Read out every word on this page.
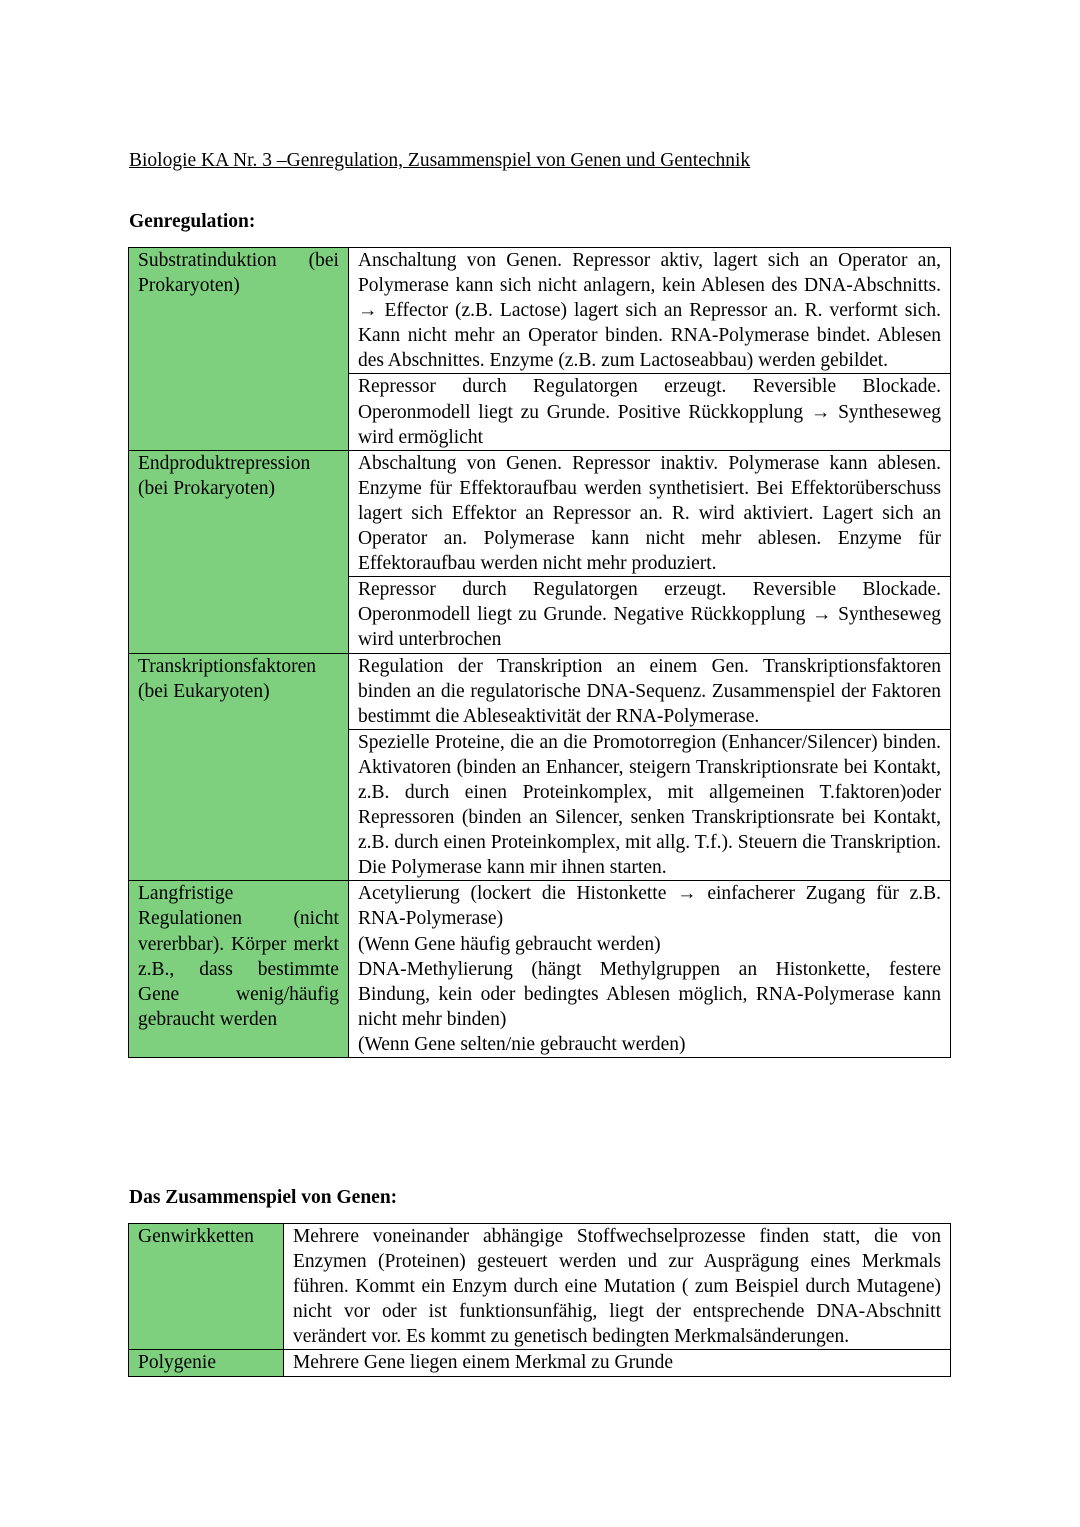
Biologie KA Nr. 3 –Genregulation, Zusammenspiel von Genen und Gentechnik
Genregulation:
Substratinduktion (bei Prokaryoten)	Anschaltung von Genen. Repressor aktiv, lagert sich an Operator an, Polymerase kann sich nicht anlagern, kein Ablesen des DNA-Abschnitts. → Effector (z.B. Lactose) lagert sich an Repressor an. R. verformt sich. Kann nicht mehr an Operator binden. RNA-Polymerase bindet. Ablesen des Abschnittes. Enzyme (z.B. zum Lactoseabbau) werden gebildet.
	Repressor durch Regulatorgen erzeugt. Reversible Blockade. Operonmodell liegt zu Grunde. Positive Rückkopplung → Syntheseweg wird ermöglicht
Endproduktrepression (bei Prokaryoten)	Abschaltung von Genen. Repressor inaktiv. Polymerase kann ablesen. Enzyme für Effektoraufbau werden synthetisiert. Bei Effektorüberschuss lagert sich Effektor an Repressor an. R. wird aktiviert. Lagert sich an Operator an. Polymerase kann nicht mehr ablesen. Enzyme für Effektoraufbau werden nicht mehr produziert.
	Repressor durch Regulatorgen erzeugt. Reversible Blockade. Operonmodell liegt zu Grunde. Negative Rückkopplung → Syntheseweg wird unterbrochen
Transkriptionsfaktoren (bei Eukaryoten)	Regulation der Transkription an einem Gen. Transkriptionsfaktoren binden an die regulatorische DNA-Sequenz. Zusammenspiel der Faktoren bestimmt die Ableseaktivität der RNA-Polymerase.
	Spezielle Proteine, die an die Promotorregion (Enhancer/Silencer) binden. Aktivatoren (binden an Enhancer, steigern Transkriptionsrate bei Kontakt, z.B. durch einen Proteinkomplex, mit allgemeinen T.faktoren)oder Repressoren (binden an Silencer, senken Transkriptionsrate bei Kontakt, z.B. durch einen Proteinkomplex, mit allg. T.f.). Steuern die Transkription. Die Polymerase kann mir ihnen starten.
Langfristige Regulationen (nicht vererbbar). Körper merkt z.B., dass bestimmte Gene wenig/häufig gebraucht werden	Acetylierung (lockert die Histonkette → einfacherer Zugang für z.B. RNA-Polymerase)

(Wenn Gene häufig gebraucht werden)

DNA-Methylierung (hängt Methylgruppen an Histonkette, festere Bindung, kein oder bedingtes Ablesen möglich, RNA-Polymerase kann nicht mehr binden)

(Wenn Gene selten/nie gebraucht werden)

Das Zusammenspiel von Genen:
Genwirkketten	Mehrere voneinander abhängige Stoffwechselprozesse finden statt, die von Enzymen (Proteinen) gesteuert werden und zur Ausprägung eines Merkmals führen. Kommt ein Enzym durch eine Mutation ( zum Beispiel durch Mutagene) nicht vor oder ist funktionsunfähig, liegt der entsprechende DNA-Abschnitt verändert vor. Es kommt zu genetisch bedingten Merkmalsänderungen.
Polygenie	Mehrere Gene liegen einem Merkmal zu Grunde
